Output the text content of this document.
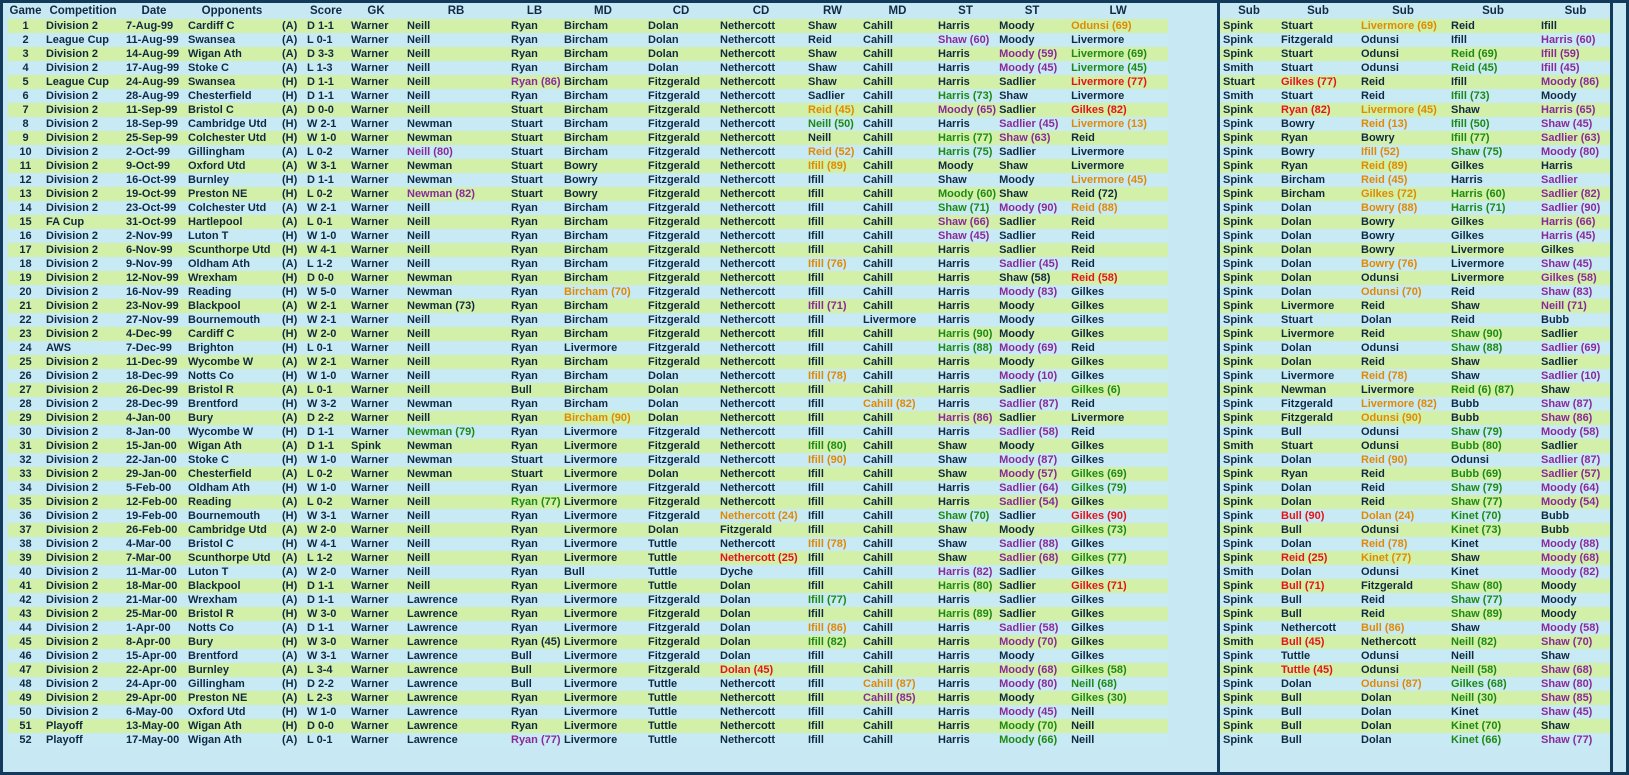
Game	Competition	Date	Opponents		Score	GK	RB	LB	MD	CD	CD	RW	MD	ST	ST	LW
1	Division 2	7-Aug-99	Cardiff C	(A)	D 1-1	Warner	Neill	Ryan	Bircham	Dolan	Nethercott	Shaw	Cahill	Harris	Moody	Odunsi (69)
2	League Cup	11-Aug-99	Swansea	(A)	L 0-1	Warner	Neill	Ryan	Bircham	Dolan	Nethercott	Reid	Cahill	Shaw (60)	Moody	Livermore
3	Division 2	14-Aug-99	Wigan Ath	(A)	D 3-3	Warner	Neill	Ryan	Bircham	Dolan	Nethercott	Shaw	Cahill	Harris	Moody (59)	Livermore (69)
4	Division 2	17-Aug-99	Stoke C	(A)	L 1-3	Warner	Neill	Ryan	Bircham	Dolan	Nethercott	Shaw	Cahill	Harris	Moody (45)	Livermore (45)
5	League Cup	24-Aug-99	Swansea	(H)	D 1-1	Warner	Neill	Ryan (86)	Bircham	Fitzgerald	Nethercott	Shaw	Cahill	Harris	Sadlier	Livermore (77)
6	Division 2	28-Aug-99	Chesterfield	(H)	D 1-1	Warner	Neill	Ryan	Bircham	Fitzgerald	Nethercott	Sadlier	Cahill	Harris (73)	Shaw	Livermore
7	Division 2	11-Sep-99	Bristol C	(A)	D 0-0	Warner	Neill	Stuart	Bircham	Fitzgerald	Nethercott	Reid (45)	Cahill	Moody (65)	Sadlier	Gilkes (82)
8	Division 2	18-Sep-99	Cambridge Utd	(H)	W 2-1	Warner	Newman	Stuart	Bircham	Fitzgerald	Nethercott	Neill (50)	Cahill	Harris	Sadlier (45)	Livermore (13)
9	Division 2	25-Sep-99	Colchester Utd	(H)	W 1-0	Warner	Newman	Stuart	Bircham	Fitzgerald	Nethercott	Neill	Cahill	Harris (77)	Shaw (63)	Reid
10	Division 2	2-Oct-99	Gillingham	(A)	L 0-2	Warner	Neill (80)	Stuart	Bircham	Fitzgerald	Nethercott	Reid (52)	Cahill	Harris (75)	Sadlier	Livermore
11	Division 2	9-Oct-99	Oxford Utd	(A)	W 3-1	Warner	Newman	Stuart	Bowry	Fitzgerald	Nethercott	Ifill (89)	Cahill	Moody	Shaw	Livermore
12	Division 2	16-Oct-99	Burnley	(H)	D 1-1	Warner	Newman	Stuart	Bowry	Fitzgerald	Nethercott	Ifill	Cahill	Shaw	Moody	Livermore (45)
13	Division 2	19-Oct-99	Preston NE	(H)	L 0-2	Warner	Newman (82)	Stuart	Bowry	Fitzgerald	Nethercott	Ifill	Cahill	Moody (60)	Shaw	Reid (72)
14	Division 2	23-Oct-99	Colchester Utd	(A)	W 2-1	Warner	Neill	Ryan	Bircham	Fitzgerald	Nethercott	Ifill	Cahill	Shaw (71)	Moody (90)	Reid (88)
15	FA Cup	31-Oct-99	Hartlepool	(A)	L 0-1	Warner	Neill	Ryan	Bircham	Fitzgerald	Nethercott	Ifill	Cahill	Shaw (66)	Sadlier	Reid
16	Division 2	2-Nov-99	Luton T	(H)	W 1-0	Warner	Neill	Ryan	Bircham	Fitzgerald	Nethercott	Ifill	Cahill	Shaw (45)	Sadlier	Reid
17	Division 2	6-Nov-99	Scunthorpe Utd	(H)	W 4-1	Warner	Neill	Ryan	Bircham	Fitzgerald	Nethercott	Ifill	Cahill	Harris	Sadlier	Reid
18	Division 2	9-Nov-99	Oldham Ath	(A)	L 1-2	Warner	Neill	Ryan	Bircham	Fitzgerald	Nethercott	Ifill (76)	Cahill	Harris	Sadlier (45)	Reid
19	Division 2	12-Nov-99	Wrexham	(H)	D 0-0	Warner	Newman	Ryan	Bircham	Fitzgerald	Nethercott	Ifill	Cahill	Harris	Shaw (58)	Reid (58)
20	Division 2	16-Nov-99	Reading	(H)	W 5-0	Warner	Newman	Ryan	Bircham (70)	Fitzgerald	Nethercott	Ifill	Cahill	Harris	Moody (83)	Gilkes
21	Division 2	23-Nov-99	Blackpool	(A)	W 2-1	Warner	Newman (73)	Ryan	Bircham	Fitzgerald	Nethercott	Ifill (71)	Cahill	Harris	Moody	Gilkes
22	Division 2	27-Nov-99	Bournemouth	(H)	W 2-1	Warner	Neill	Ryan	Bircham	Fitzgerald	Nethercott	Ifill	Livermore	Harris	Moody	Gilkes
23	Division 2	4-Dec-99	Cardiff C	(H)	W 2-0	Warner	Neill	Ryan	Bircham	Fitzgerald	Nethercott	Ifill	Cahill	Harris (90)	Moody	Gilkes
24	AWS	7-Dec-99	Brighton	(H)	L 0-1	Warner	Neill	Ryan	Livermore	Fitzgerald	Nethercott	Ifill	Cahill	Harris (88)	Moody (69)	Reid
25	Division 2	11-Dec-99	Wycombe W	(A)	W 2-1	Warner	Neill	Ryan	Bircham	Fitzgerald	Nethercott	Ifill	Cahill	Harris	Moody	Gilkes
26	Division 2	18-Dec-99	Notts Co	(H)	W 1-0	Warner	Neill	Ryan	Bircham	Dolan	Nethercott	Ifill (78)	Cahill	Harris	Moody (10)	Gilkes
27	Division 2	26-Dec-99	Bristol R	(A)	L 0-1	Warner	Neill	Bull	Bircham	Dolan	Nethercott	Ifill	Cahill	Harris	Sadlier	Gilkes (6)
28	Division 2	28-Dec-99	Brentford	(H)	W 3-2	Warner	Newman	Ryan	Bircham	Dolan	Nethercott	Ifill	Cahill (82)	Harris	Sadlier (87)	Reid
29	Division 2	4-Jan-00	Bury	(A)	D 2-2	Warner	Neill	Ryan	Bircham (90)	Dolan	Nethercott	Ifill	Cahill	Harris (86)	Sadlier	Livermore
30	Division 2	8-Jan-00	Wycombe W	(H)	D 1-1	Warner	Newman (79)	Ryan	Livermore	Fitzgerald	Nethercott	Ifill	Cahill	Harris	Sadlier (58)	Reid
31	Division 2	15-Jan-00	Wigan Ath	(A)	D 1-1	Spink	Newman	Ryan	Livermore	Fitzgerald	Nethercott	Ifill (80)	Cahill	Shaw	Moody	Gilkes
32	Division 2	22-Jan-00	Stoke C	(H)	W 1-0	Warner	Newman	Stuart	Livermore	Fitzgerald	Nethercott	Ifill (90)	Cahill	Shaw	Moody (87)	Gilkes
33	Division 2	29-Jan-00	Chesterfield	(A)	L 0-2	Warner	Newman	Stuart	Livermore	Dolan	Nethercott	Ifill	Cahill	Shaw	Moody (57)	Gilkes (69)
34	Division 2	5-Feb-00	Oldham Ath	(H)	W 1-0	Warner	Neill	Ryan	Livermore	Fitzgerald	Nethercott	Ifill	Cahill	Harris	Sadlier (64)	Gilkes (79)
35	Division 2	12-Feb-00	Reading	(A)	L 0-2	Warner	Neill	Ryan (77)	Livermore	Fitzgerald	Nethercott	Ifill	Cahill	Harris	Sadlier (54)	Gilkes
36	Division 2	19-Feb-00	Bournemouth	(H)	W 3-1	Warner	Neill	Ryan	Livermore	Fitzgerald	Nethercott (24)	Ifill	Cahill	Shaw (70)	Sadlier	Gilkes (90)
37	Division 2	26-Feb-00	Cambridge Utd	(A)	W 2-0	Warner	Neill	Ryan	Livermore	Dolan	Fitzgerald	Ifill	Cahill	Shaw	Moody	Gilkes (73)
38	Division 2	4-Mar-00	Bristol C	(H)	W 4-1	Warner	Neill	Ryan	Livermore	Tuttle	Nethercott	Ifill (78)	Cahill	Shaw	Sadlier (88)	Gilkes
39	Division 2	7-Mar-00	Scunthorpe Utd	(A)	L 1-2	Warner	Neill	Ryan	Livermore	Tuttle	Nethercott (25)	Ifill	Cahill	Shaw	Sadlier (68)	Gilkes (77)
40	Division 2	11-Mar-00	Luton T	(A)	W 2-0	Warner	Neill	Ryan	Bull	Tuttle	Dyche	Ifill	Cahill	Harris (82)	Sadlier	Gilkes
41	Division 2	18-Mar-00	Blackpool	(H)	D 1-1	Warner	Neill	Ryan	Livermore	Tuttle	Dolan	Ifill	Cahill	Harris (80)	Sadlier	Gilkes (71)
42	Division 2	21-Mar-00	Wrexham	(A)	D 1-1	Warner	Lawrence	Ryan	Livermore	Fitzgerald	Dolan	Ifill (77)	Cahill	Harris	Sadlier	Gilkes
43	Division 2	25-Mar-00	Bristol R	(H)	W 3-0	Warner	Lawrence	Ryan	Livermore	Fitzgerald	Dolan	Ifill	Cahill	Harris (89)	Sadlier	Gilkes
44	Division 2	1-Apr-00	Notts Co	(A)	D 1-1	Warner	Lawrence	Ryan	Livermore	Fitzgerald	Dolan	Ifill (86)	Cahill	Harris	Sadlier (58)	Gilkes
45	Division 2	8-Apr-00	Bury	(H)	W 3-0	Warner	Lawrence	Ryan (45)	Livermore	Fitzgerald	Dolan	Ifill (82)	Cahill	Harris	Moody (70)	Gilkes
46	Division 2	15-Apr-00	Brentford	(A)	W 3-1	Warner	Lawrence	Bull	Livermore	Fitzgerald	Dolan	Ifill	Cahill	Harris	Moody	Gilkes
47	Division 2	22-Apr-00	Burnley	(A)	L 3-4	Warner	Lawrence	Bull	Livermore	Fitzgerald	Dolan (45)	Ifill	Cahill	Harris	Moody (68)	Gilkes (58)
48	Division 2	24-Apr-00	Gillingham	(H)	D 2-2	Warner	Lawrence	Bull	Livermore	Tuttle	Nethercott	Ifill	Cahill (87)	Harris	Moody (80)	Neill (68)
49	Division 2	29-Apr-00	Preston NE	(A)	L 2-3	Warner	Lawrence	Ryan	Livermore	Tuttle	Nethercott	Ifill	Cahill (85)	Harris	Moody	Gilkes (30)
50	Division 2	6-May-00	Oxford Utd	(H)	W 1-0	Warner	Lawrence	Ryan	Livermore	Tuttle	Nethercott	Ifill	Cahill	Harris	Moody (45)	Neill
51	Playoff	13-May-00	Wigan Ath	(H)	D 0-0	Warner	Lawrence	Ryan	Livermore	Tuttle	Nethercott	Ifill	Cahill	Harris	Moody (70)	Neill
52	Playoff	17-May-00	Wigan Ath	(A)	L 0-1	Warner	Lawrence	Ryan (77)	Livermore	Tuttle	Nethercott	Ifill	Cahill	Harris	Moody (66)	Neill
Sub	Sub	Sub	Sub	Sub
Spink	Stuart	Livermore (69)	Reid	Ifill
Spink	Fitzgerald	Odunsi	Ifill	Harris (60)
Spink	Stuart	Odunsi	Reid (69)	Ifill (59)
Smith	Stuart	Odunsi	Reid (45)	Ifill (45)
Stuart	Gilkes (77)	Reid	Ifill	Moody (86)
Smith	Stuart	Reid	Ifill (73)	Moody
Spink	Ryan (82)	Livermore (45)	Shaw	Harris (65)
Spink	Bowry	Reid (13)	Ifill (50)	Shaw (45)
Spink	Ryan	Bowry	Ifill (77)	Sadlier (63)
Spink	Bowry	Ifill (52)	Shaw (75)	Moody (80)
Spink	Ryan	Reid (89)	Gilkes	Harris
Spink	Bircham	Reid (45)	Harris	Sadlier
Spink	Bircham	Gilkes (72)	Harris (60)	Sadlier (82)
Spink	Dolan	Bowry (88)	Harris (71)	Sadlier (90)
Spink	Dolan	Bowry	Gilkes	Harris (66)
Spink	Dolan	Bowry	Gilkes	Harris (45)
Spink	Dolan	Bowry	Livermore	Gilkes
Spink	Dolan	Bowry (76)	Livermore	Shaw (45)
Spink	Dolan	Odunsi	Livermore	Gilkes (58)
Spink	Dolan	Odunsi (70)	Reid	Shaw (83)
Spink	Livermore	Reid	Shaw	Neill (71)
Spink	Stuart	Dolan	Reid	Bubb
Spink	Livermore	Reid	Shaw (90)	Sadlier
Spink	Dolan	Odunsi	Shaw (88)	Sadlier (69)
Spink	Dolan	Reid	Shaw	Sadlier
Spink	Livermore	Reid (78)	Shaw	Sadlier (10)
Spink	Newman	Livermore	Reid (6) (87)	Shaw
Spink	Fitzgerald	Livermore (82)	Bubb	Shaw (87)
Spink	Fitzgerald	Odunsi (90)	Bubb	Shaw (86)
Spink	Bull	Odunsi	Shaw (79)	Moody (58)
Smith	Stuart	Odunsi	Bubb (80)	Sadlier
Spink	Dolan	Reid (90)	Odunsi	Sadlier (87)
Spink	Ryan	Reid	Bubb (69)	Sadlier (57)
Spink	Dolan	Reid	Shaw (79)	Moody (64)
Spink	Dolan	Reid	Shaw (77)	Moody (54)
Spink	Bull (90)	Dolan (24)	Kinet (70)	Bubb
Spink	Bull	Odunsi	Kinet (73)	Bubb
Spink	Dolan	Reid (78)	Kinet	Moody (88)
Spink	Reid (25)	Kinet (77)	Shaw	Moody (68)
Smith	Dolan	Odunsi	Kinet	Moody (82)
Spink	Bull (71)	Fitzgerald	Shaw (80)	Moody
Spink	Bull	Reid	Shaw (77)	Moody
Spink	Bull	Reid	Shaw (89)	Moody
Spink	Nethercott	Bull (86)	Shaw	Moody (58)
Smith	Bull (45)	Nethercott	Neill (82)	Shaw (70)
Spink	Tuttle	Odunsi	Neill	Shaw
Spink	Tuttle (45)	Odunsi	Neill (58)	Shaw (68)
Spink	Dolan	Odunsi (87)	Gilkes (68)	Shaw (80)
Spink	Bull	Dolan	Neill (30)	Shaw (85)
Spink	Bull	Dolan	Kinet	Shaw (45)
Spink	Bull	Dolan	Kinet (70)	Shaw
Spink	Bull	Dolan	Kinet (66)	Shaw (77)
